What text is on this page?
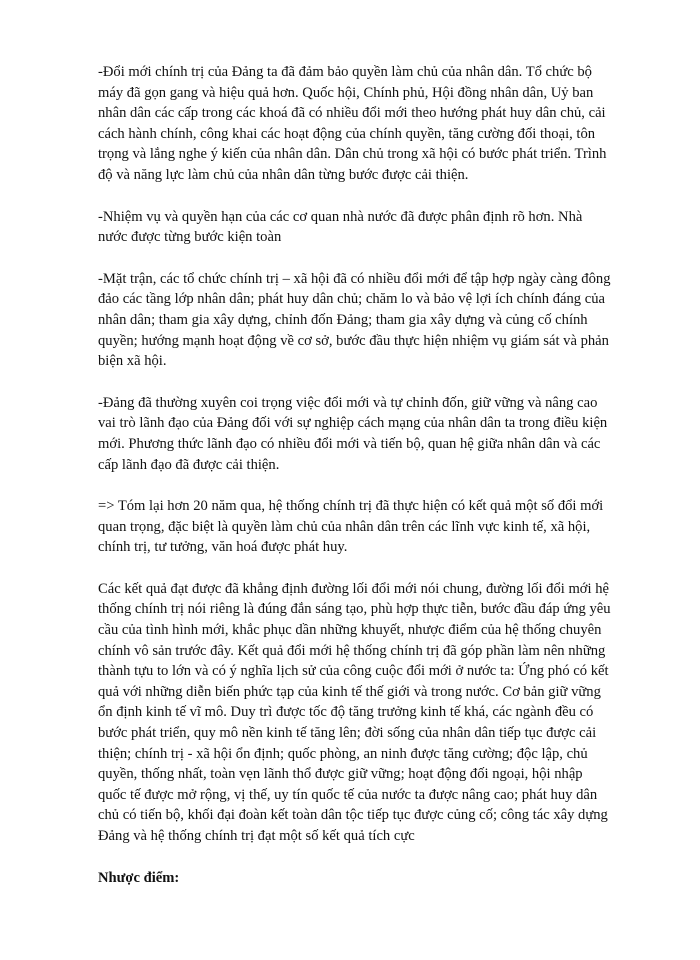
-Đổi mới chính trị của Đảng ta đã đảm bảo quyền làm chủ của nhân dân. Tổ chức bộ máy đã gọn gang và hiệu quả hơn. Quốc hội, Chính phủ, Hội đồng nhân dân, Uỷ ban nhân dân các cấp trong các khoá đã có nhiều đổi mới theo hướng phát huy dân chủ, cải cách hành chính, công khai các hoạt động của chính quyền, tăng cường đối thoại, tôn trọng và lắng nghe ý kiến của nhân dân. Dân chủ trong xã hội có bước phát triển. Trình độ và năng lực làm chủ của nhân dân từng bước được cải thiện.

-Nhiệm vụ và quyền hạn của các cơ quan nhà nước đã được phân định rõ hơn. Nhà nước được từng bước kiện toàn

-Mặt trận, các tổ chức chính trị – xã hội đã có nhiều đổi mới để tập hợp ngày càng đông đảo các tầng lớp nhân dân; phát huy dân chủ; chăm lo và bảo vệ lợi ích chính đáng của nhân dân; tham gia xây dựng, chỉnh đốn Đảng; tham gia xây dựng và củng cố chính quyền; hướng mạnh hoạt động về cơ sở, bước đầu thực hiện nhiệm vụ giám sát và phản biện xã hội.

-Đảng đã thường xuyên coi trọng việc đổi mới và tự chỉnh đốn, giữ vững và nâng cao vai trò lãnh đạo của Đảng đối với sự nghiệp cách mạng của nhân dân ta trong điều kiện mới. Phương thức lãnh đạo có nhiều đổi mới và tiến bộ, quan hệ giữa nhân dân và các cấp lãnh đạo đã được cải thiện.

=> Tóm lại hơn 20 năm qua, hệ thống chính trị đã thực hiện có kết quả một số đổi mới quan trọng, đặc biệt là quyền làm chủ của nhân dân trên các lĩnh vực kinh tế, xã hội, chính trị, tư tưởng, văn hoá được phát huy.

Các kết quả đạt được đã khẳng định đường lối đổi mới nói chung, đường lối đổi mới hệ thống chính trị nói riêng là đúng đắn sáng tạo, phù hợp thực tiễn, bước đầu đáp ứng yêu cầu của tình hình mới, khắc phục dần những khuyết, nhược điểm của hệ thống chuyên chính vô sản trước đây. Kết quả đổi mới hệ thống chính trị đã góp phần làm nên những thành tựu to lớn và có ý nghĩa lịch sử của công cuộc đổi mới ở nước ta: Ứng phó có kết quả với những diễn biến phức tạp của kinh tế thế giới và trong nước. Cơ bản giữ vững ổn định kinh tế vĩ mô. Duy trì được tốc độ tăng trưởng kinh tế khá, các ngành đều có bước phát triển, quy mô nền kinh tế tăng lên; đời sống của nhân dân tiếp tục được cải thiện; chính trị - xã hội ổn định; quốc phòng, an ninh được tăng cường; độc lập, chủ quyền, thống nhất, toàn vẹn lãnh thổ được giữ vững; hoạt động đối ngoại, hội nhập quốc tế được mở rộng, vị thế, uy tín quốc tế của nước ta được nâng cao; phát huy dân chủ có tiến bộ, khối đại đoàn kết toàn dân tộc tiếp tục được củng cố; công tác xây dựng Đảng và hệ thống chính trị đạt một số kết quả tích cực

Nhược điểm:
